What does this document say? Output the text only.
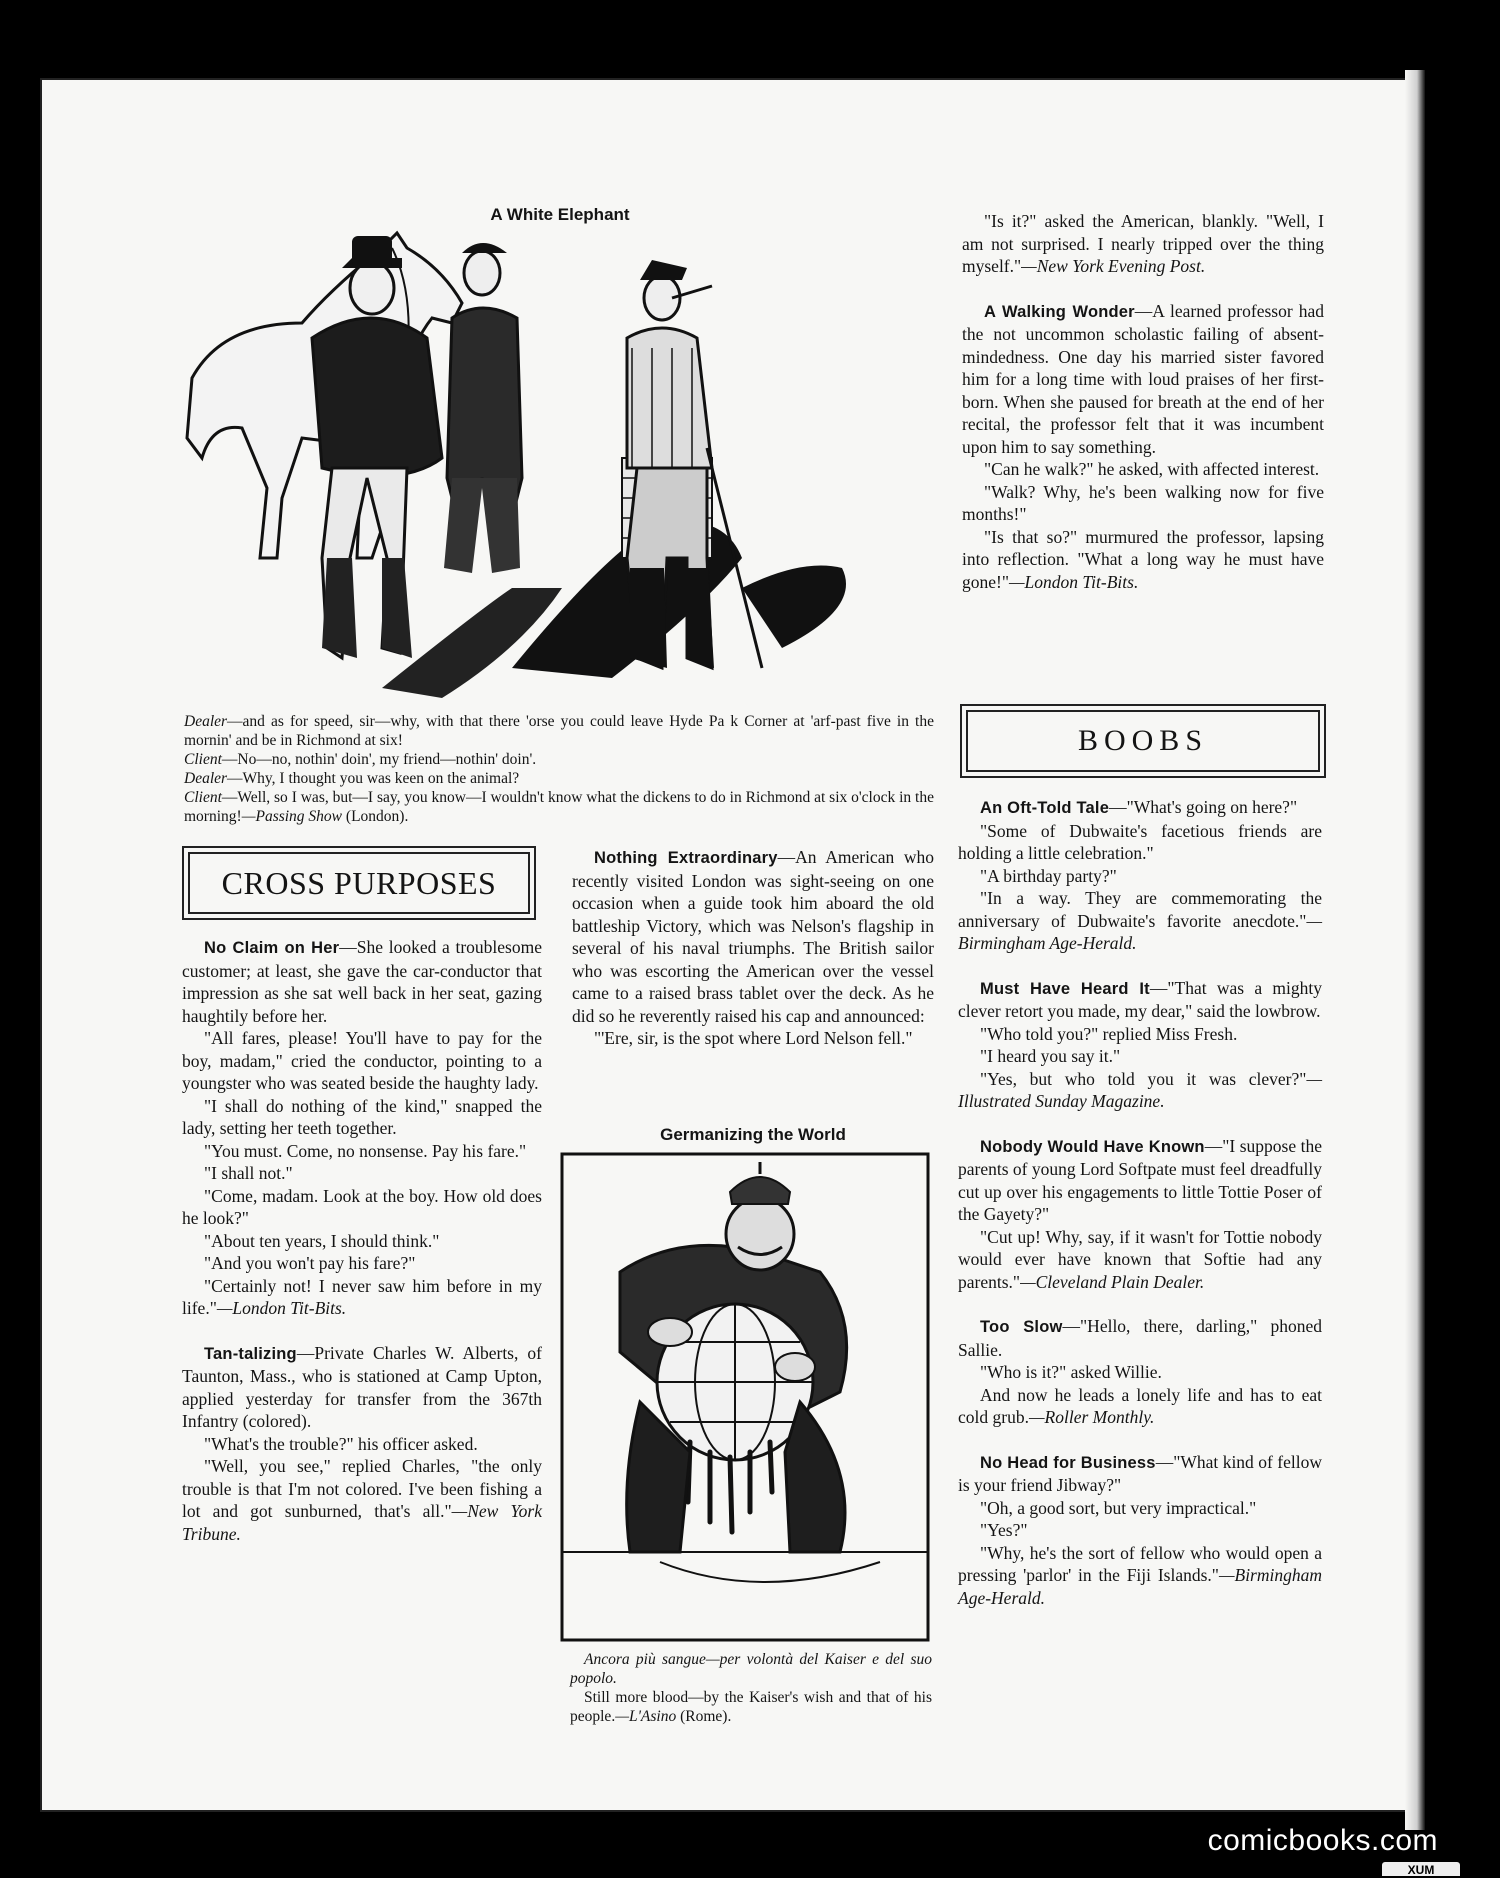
A White Elephant
Dealer—and as for speed, sir—why, with that there 'orse you could leave Hyde Pa k Corner at 'arf-past five in the mornin' and be in Richmond at six!
Client—No—no, nothin' doin', my friend—nothin' doin'.
Dealer—Why, I thought you was keen on the animal?
Client—Well, so I was, but—I say, you know—I wouldn't know what the dickens to do in Richmond at six o'clock in the morning!—Passing Show (London).
CROSS PURPOSES

No Claim on Her—She looked a troublesome customer; at least, she gave the car-conductor that impression as she sat well back in her seat, gazing haughtily before her.

"All fares, please! You'll have to pay for the boy, madam," cried the conductor, pointing to a youngster who was seated beside the haughty lady.

"I shall do nothing of the kind," snapped the lady, setting her teeth together.

"You must. Come, no nonsense. Pay his fare."

"I shall not."

"Come, madam. Look at the boy. How old does he look?"

"About ten years, I should think."

"And you won't pay his fare?"

"Certainly not! I never saw him before in my life."—London Tit-Bits.

Tan-talizing—Private Charles W. Alberts, of Taunton, Mass., who is stationed at Camp Upton, applied yesterday for transfer from the 367th Infantry (colored).

"What's the trouble?" his officer asked.

"Well, you see," replied Charles, "the only trouble is that I'm not colored. I've been fishing a lot and got sunburned, that's all."—New York Tribune.

Nothing Extraordinary—An American who recently visited London was sight-seeing on one occasion when a guide took him aboard the old battleship Victory, which was Nelson's flagship in several of his naval triumphs. The British sailor who was escorting the American over the vessel came to a raised brass tablet over the deck. As he did so he reverently raised his cap and announced:

"'Ere, sir, is the spot where Lord Nelson fell."

Germanizing the World
Ancora più sangue—per volontà del Kaiser e del suo popolo.
Still more blood—by the Kaiser's wish and that of his people.—L'Asino (Rome).

"Is it?" asked the American, blankly. "Well, I am not surprised. I nearly tripped over the thing myself."—New York Evening Post.

A Walking Wonder—A learned professor had the not uncommon scholastic failing of absent-mindedness. One day his married sister favored him for a long time with loud praises of her first-born. When she paused for breath at the end of her recital, the professor felt that it was incumbent upon him to say something.

"Can he walk?" he asked, with affected interest.

"Walk? Why, he's been walking now for five months!"

"Is that so?" murmured the professor, lapsing into reflection. "What a long way he must have gone!"—London Tit-Bits.

BOOBS

An Oft-Told Tale—"What's going on here?"

"Some of Dubwaite's facetious friends are holding a little celebration."

"A birthday party?"

"In a way. They are commemorating the anniversary of Dubwaite's favorite anecdote."—Birmingham Age-Herald.

Must Have Heard It—"That was a mighty clever retort you made, my dear," said the lowbrow.

"Who told you?" replied Miss Fresh.

"I heard you say it."

"Yes, but who told you it was clever?"—Illustrated Sunday Magazine.

Nobody Would Have Known—"I suppose the parents of young Lord Softpate must feel dreadfully cut up over his engagements to little Tottie Poser of the Gayety?"

"Cut up! Why, say, if it wasn't for Tottie nobody would ever have known that Softie had any parents."—Cleveland Plain Dealer.

Too Slow—"Hello, there, darling," phoned Sallie.

"Who is it?" asked Willie.

And now he leads a lonely life and has to eat cold grub.—Roller Monthly.

No Head for Business—"What kind of fellow is your friend Jibway?"

"Oh, a good sort, but very impractical."

"Yes?"

"Why, he's the sort of fellow who would open a pressing 'parlor' in the Fiji Islands."—Birmingham Age-Herald.

comicbooks.com
XUM
